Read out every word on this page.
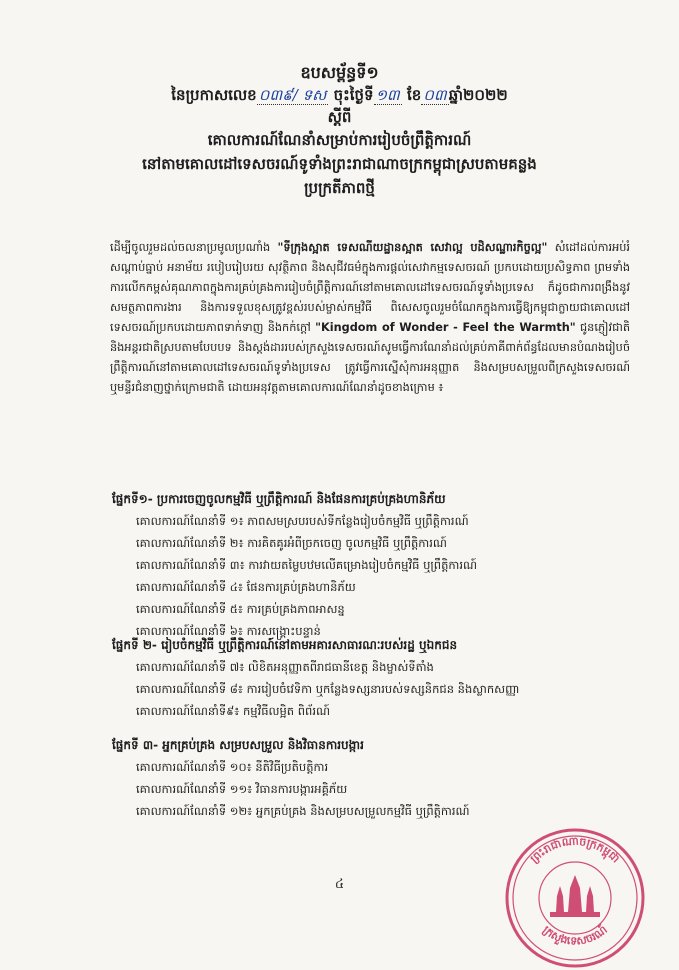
ឧបសម្ព័ន្ធទី១
នៃប្រកាសលេខ ០៣៩/ ទស ចុះថ្ងៃទី ១៣ ខែ ០៣ ឆ្នាំ២០២២
ស្តីពី
គោលការណ៍ណែនាំសម្រាប់ការរៀបចំព្រឹត្តិការណ៍
នៅតាមគោលដៅទេសចរណ៍ទូទាំងព្រះរាជាណាចក្រកម្ពុជាស្របតាមគន្លង
ប្រក្រតីភាពថ្មី
ដើម្បីចូលរួមដល់ចលនាប្រមូលប្រណាំង "ទីក្រុងស្អាត ទេសណីយដ្ឋានស្អាត សេវាល្អ បដិសណ្ឋារកិច្ចល្អ" សំដៅដល់ការអប់រំ សណ្តាប់ធ្នាប់ អនាម័យ របៀបរៀបរយ សុវត្ថិភាព និងសុជីវធម៌ក្នុងការផ្តល់សេវាកម្មទេសចរណ៍ ប្រកបដោយប្រសិទ្ធភាព ព្រមទាំងការលើកកម្ពស់គុណភាពក្នុងការគ្រប់គ្រងការរៀបចំព្រឹត្តិការណ៍នៅតាមគោលដៅទេសចរណ៍ទូទាំងប្រទេស ក៏ដូចជាការពង្រឹងនូវសមត្ថភាពការងារ និងការទទួលខុសត្រូវខ្ពស់របស់ម្ចាស់កម្មវិធី ពិសេសចូលរួមចំណែកក្នុងការធ្វើឱ្យកម្ពុជាក្លាយជាគោលដៅទេសចរណ៍ប្រកបដោយភាពទាក់ទាញ និងកក់ក្តៅ "Kingdom of Wonder - Feel the Warmth" ជូនភ្ញៀវជាតិ និងអន្តរជាតិស្របតាមបែបបទ និងស្តង់ដាររបស់ក្រសួងទេសចរណ៍សូមធ្វើការណែនាំដល់គ្រប់ភាគីពាក់ព័ន្ធដែលមានបំណងរៀបចំព្រឹត្តិការណ៍នៅតាមគោលដៅទេសចរណ៍ទូទាំងប្រទេស ត្រូវធ្វើការស្នើសុំការអនុញ្ញាត និងសម្របសម្រួលពីក្រសួងទេសចរណ៍ ឬមន្ទីរជំនាញថ្នាក់ក្រោមជាតិ ដោយអនុវត្តតាមគោលការណ៍ណែនាំដូចខាងក្រោម ៖
ផ្នែកទី១- ប្រការចេញចូលកម្មវិធី ឬព្រឹត្តិការណ៍ និងផែនការគ្រប់គ្រងហានិភ័យ
គោលការណ៍ណែនាំទី ១៖ ភាពសមស្របរបស់ទីកន្លែងរៀបចំកម្មវិធី ឬព្រឹត្តិការណ៍
គោលការណ៍ណែនាំទី ២៖ ការគិតគូរអំពីច្រកចេញ ចូលកម្មវិធី ឬព្រឹត្តិការណ៍
គោលការណ៍ណែនាំទី ៣៖ ការវាយតម្លៃបឋមលើគម្រោងរៀបចំកម្មវិធី ឬព្រឹត្តិការណ៍
គោលការណ៍ណែនាំទី ៤៖ ផែនការគ្រប់គ្រងហានិភ័យ
គោលការណ៍ណែនាំទី ៥៖ ការគ្រប់គ្រងភាពអាសន្ន
គោលការណ៍ណែនាំទី ៦៖ ការសង្គ្រោះបន្ទាន់
ផ្នែកទី ២- រៀបចំកម្មវិធី ឬព្រឹត្តិការណ៍នៅតាមអគារសាធារណៈរបស់រដ្ឋ ឬឯកជន
គោលការណ៍ណែនាំទី ៧៖ លិខិតអនុញ្ញាតពីរាជធានីខេត្ត និងម្ចាស់ទីតាំង
គោលការណ៍ណែនាំទី ៨៖ ការរៀបចំវេទិកា ឬកន្លែងទស្សនារបស់ទស្សនិកជន និងស្លាកសញ្ញា
គោលការណ៍ណែនាំទី៩៖ កម្មវិធីលម្អិត ពិព័រណ៍
ផ្នែកទី ៣- អ្នកគ្រប់គ្រង សម្របសម្រួល និងវិធានការបង្ការ
គោលការណ៍ណែនាំទី ១០៖ នីតិវិធីប្រតិបត្តិការ
គោលការណ៍ណែនាំទី ១១៖ វិធានការបង្ការអគ្គិភ័យ
គោលការណ៍ណែនាំទី ១២៖ អ្នកគ្រប់គ្រង និងសម្របសម្រួលកម្មវិធី ឬព្រឹត្តិការណ៍
៤
ព្រះរាជាណាចក្រកម្ពុជា
ក្រសួងទេសចរណ៍
